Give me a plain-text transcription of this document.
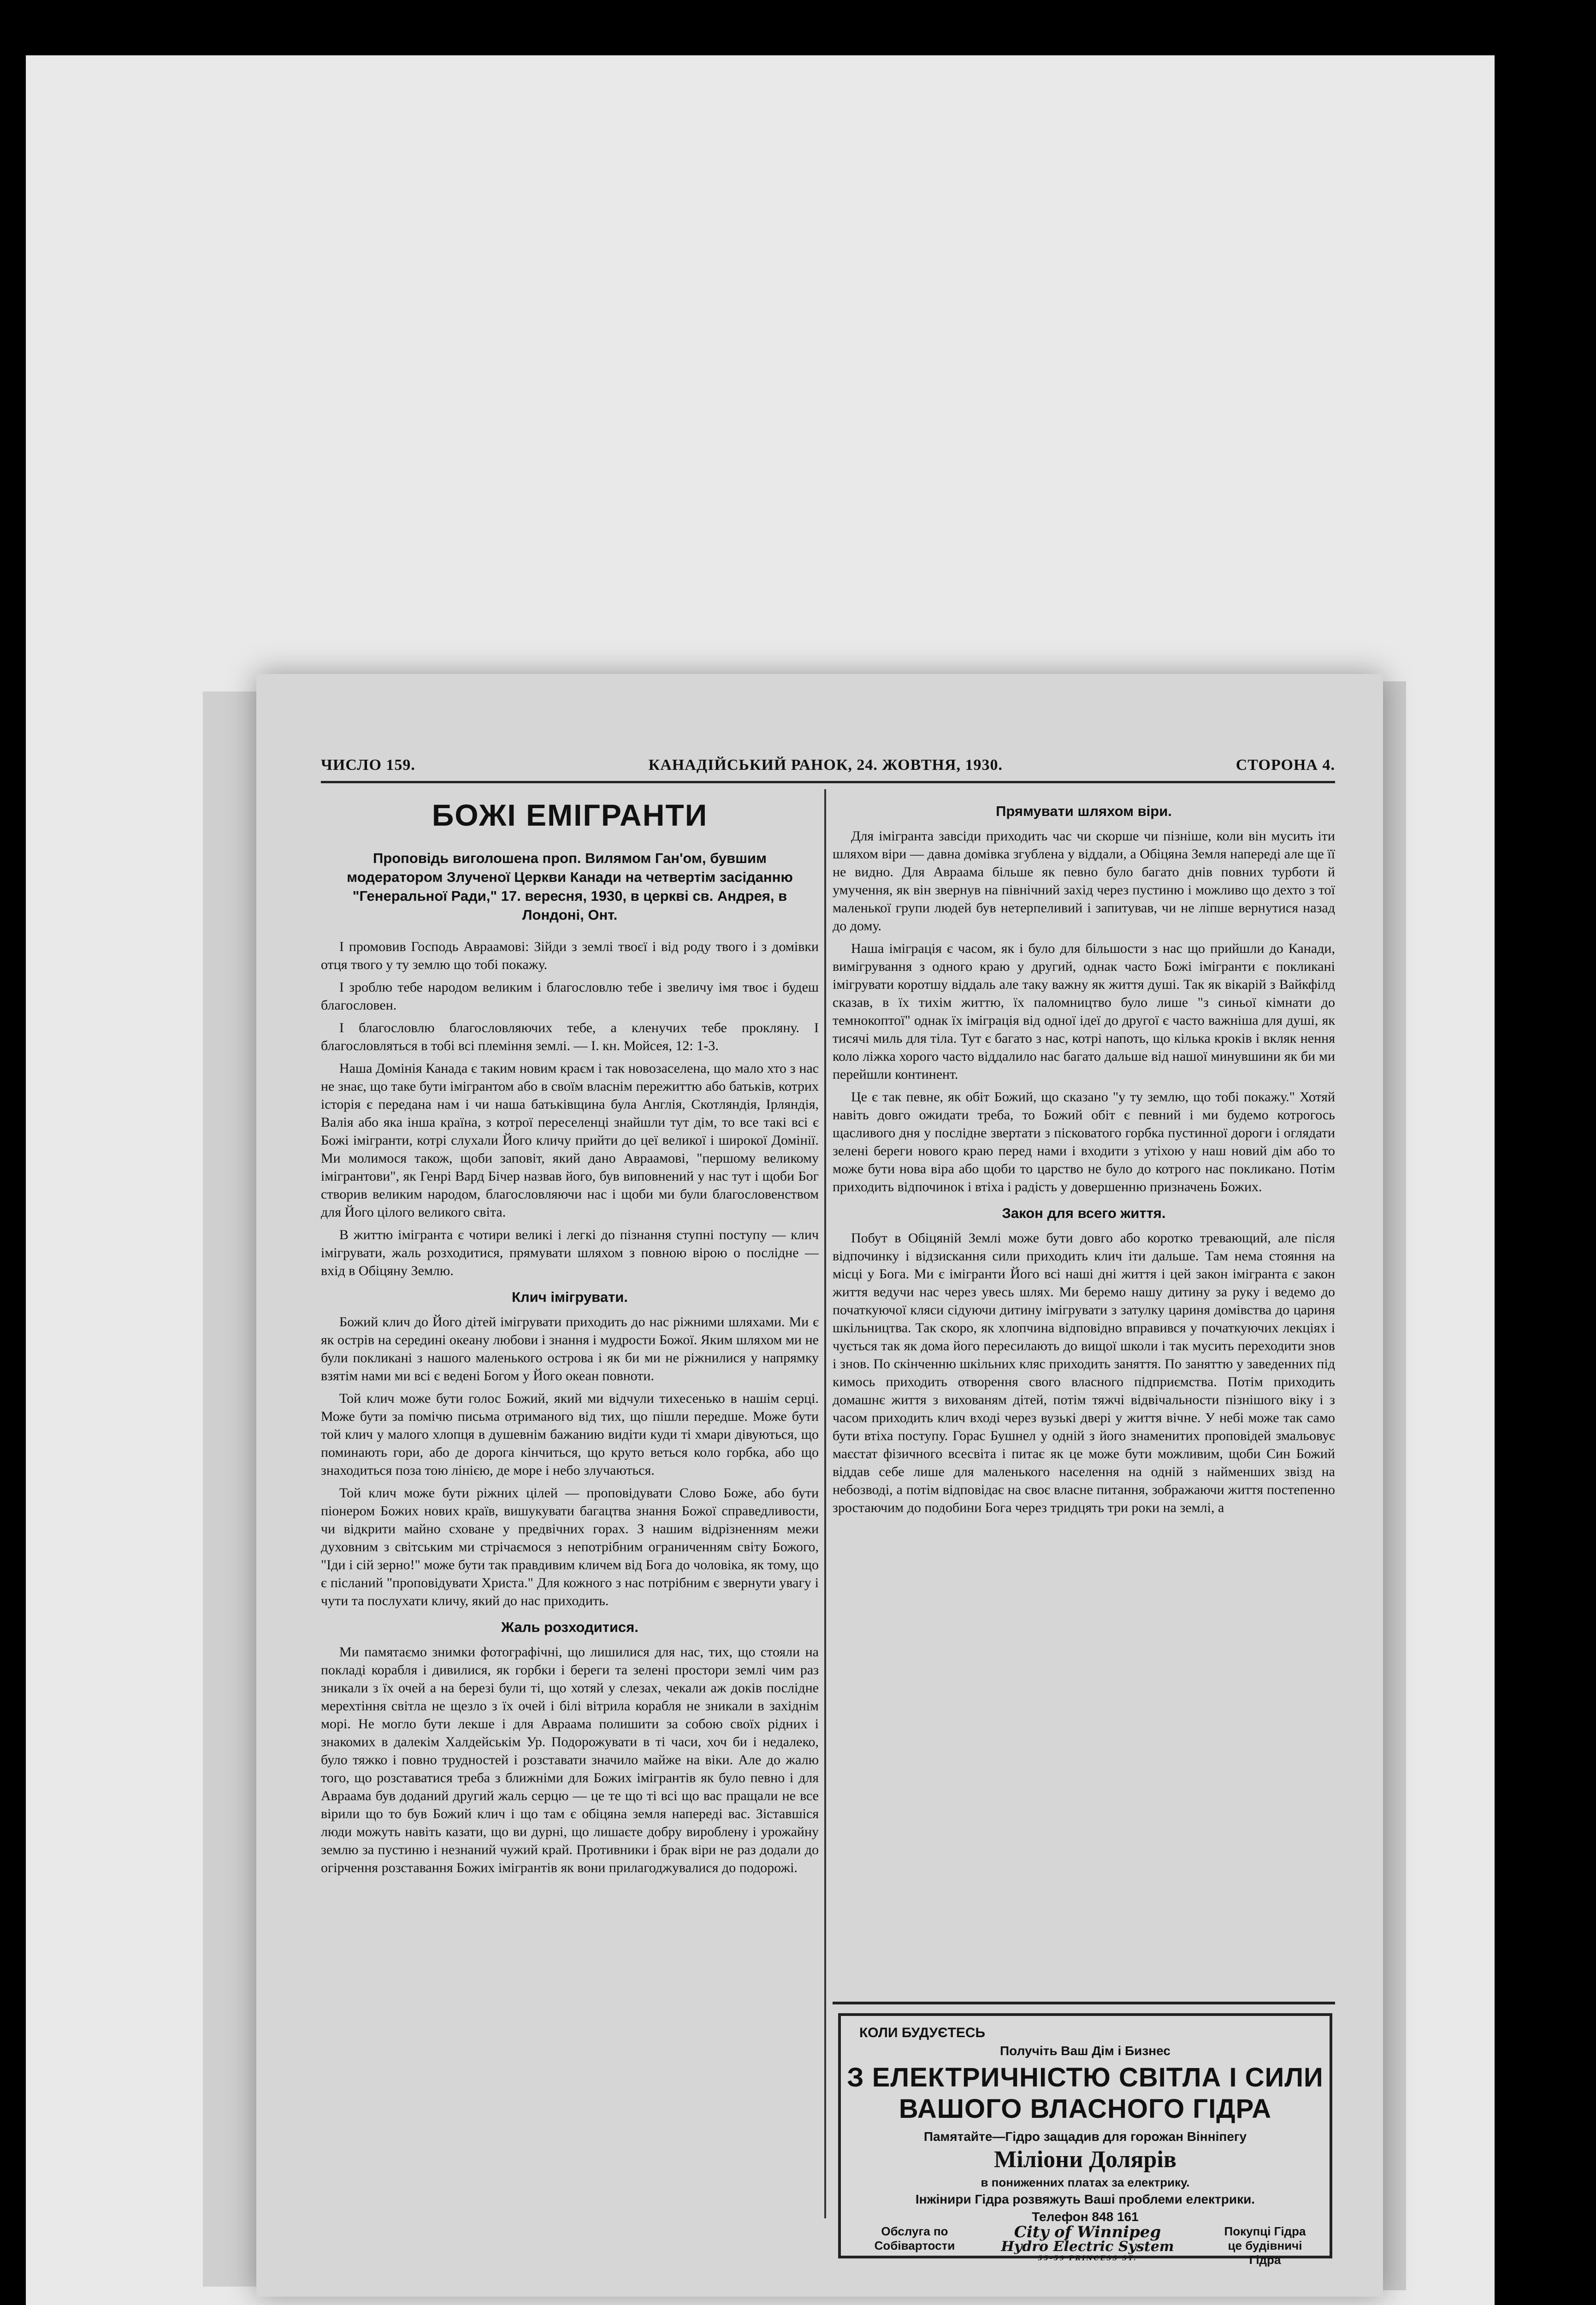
ЧИСЛО 159.	КАНАДІЙСЬКИЙ РАНОК, 24. ЖОВТНЯ, 1930.	СТОРОНА 4.
БОЖІ ЕМІГРАНТИ
Проповідь виголошена проп. Вилямом Ган'ом, бувшим модератором Злученої Церкви Канади на четвертім засіданню "Генеральної Ради," 17. вересня, 1930, в церкві св. Андрея, в Лондоні, Онт.

І промовив Господь Авраамові: Зійди з землі твоєї і від роду твого і з домівки отця твого у ту землю що тобі покажу.

І зроблю тебе народом великим і благословлю тебе і звеличу імя твоє і будеш благословен.

І благословлю благословляючих тебе, а кленучих тебе прокляну. І благословляться в тобі всі племіння землі. — І. кн. Мойсея, 12: 1-3.

Наша Домінія Канада є таким новим краєм і так новозаселена, що мало хто з нас не знає, що таке бути імігрантом або в своїм власнім пережиттю або батьків, котрих історія є передана нам і чи наша батьківщина була Англія, Скотляндія, Ірляндія, Валія або яка інша країна, з котрої переселенці знайшли тут дім, то все такі всі є Божі імігранти, котрі слухали Його кличу прийти до цеї великої і широкої Домінії. Ми молимося також, щоби заповіт, який дано Авраамові, "першому великому імігрантови", як Генрі Вард Бічер назвав його, був виповнений у нас тут і щоби Бог створив великим народом, благословляючи нас і щоби ми були благословенством для Його цілого великого світа.

В життю імігранта є чотири великі і легкі до пізнання ступні поступу — клич імігрувати, жаль розходитися, прямувати шляхом з повною вірою о послідне — вхід в Обіцяну Землю.

Клич імігрувати.

Божий клич до Його дітей імігрувати приходить до нас ріжними шляхами. Ми є як острів на середині океану любови і знання і мудрости Божої. Яким шляхом ми не були покликані з нашого маленького острова і як би ми не ріжнилися у напрямку взятім нами ми всі є ведені Богом у Його океан повноти.

Той клич може бути голос Божий, який ми відчули тихесенько в нашім серці. Може бути за помічю письма отриманого від тих, що пішли передше. Може бути той клич у малого хлопця в душевнім бажанию видіти куди ті хмари дівуються, що поминають гори, або де дорога кінчиться, що круто веться коло горбка, або що знаходиться поза тою лінією, де море і небо злучаються.

Той клич може бути ріжних цілей — проповідувати Слово Боже, або бути піонером Божих нових країв, вишукувати багацтва знання Божої справедливости, чи відкрити майно сховане у предвічних горах. З нашим відрізненням межи духовним з світським ми стрічаємося з непотрібним ограниченням світу Божого, "Іди і сій зерно!" може бути так правдивим кличем від Бога до чоловіка, як тому, що є післаний "проповідувати Христа." Для кожного з нас потрібним є звернути увагу і чути та послухати кличу, який до нас приходить.

Жаль розходитися.

Ми памятаємо знимки фотографічні, що лишилися для нас, тих, що стояли на покладі корабля і дивилися, як горбки і береги та зелені простори землі чим раз зникали з їх очей а на березі були ті, що хотяй у слезах, чекали аж доків послідне мерехтіння світла не щезло з їх очей і білі вітрила корабля не зникали в західнім морі. Не могло бути лекше і для Авраама полишити за собою своїх рідних і знакомих в далекім Халдейськім Ур. Подорожувати в ті часи, хоч би і недалеко, було тяжко і повно трудностей і розставати значило майже на віки. Але до жалю того, що розставатися треба з ближніми для Божих імігрантів як було певно і для Авраама був доданий другий жаль серцю — це те що ті всі що вас пращали не все вірили що то був Божий клич і що там є обіцяна земля напереді вас. Зіставшіся люди можуть навіть казати, що ви дурні, що лишаєте добру вироблену і урожайну землю за пустиню і незнаний чужий край. Противники і брак віри не раз додали до огірчення розставання Божих імігрантів як вони прилагоджувалися до подорожі.

Прямувати шляхом віри.

Для імігранта завсіди приходить час чи скорше чи пізніше, коли він мусить іти шляхом віри — давна домівка згублена у віддали, а Обіцяна Земля напереді але ще її не видно. Для Авраама більше як певно було багато днів повних турботи й умучення, як він звернув на північний захід через пустиню і можливо що дехто з тої маленької групи людей був нетерпеливий і запитував, чи не лiпше вернутися назад до дому.

Наша імігрaція є часом, як і було для більшости з нас що прийшли до Канади, вимігрування з одного краю у другий, однак часто Божі імігранти є покликані імігрувати коротшу віддаль але таку важну як життя душі. Так як вікарій з Вайкфілд сказав, в їх тихім життю, їх паломництво було лише "з синьої кімнати до темнокоптої" однак їх імігрaція від одної ідеї до другої є часто важніша для душі, як тисячі миль для тіла. Тут є багато з нас, котрі напоть, що кілька кроків і вкляк нення коло ліжка хорого часто віддалило нас багато дальше від нашої минувшини як би ми перейшли континент.

Це є так певне, як обіт Божий, що сказано "у ту землю, що тобі покажу." Хотяй навіть довго ожидати треба, то Божий обіт є певний і ми будемо котрогось щасливого дня у послідне звертати з пісковатого горбка пустинної дороги і оглядати зелені береги нового краю перед нами і входити з утіхою у наш новий дім або то може бути нова віра або щоби то царство не було до котрого нас покликано. Потім приходить відпочинок і втіха і радість у довершенню призначень Божих.

Закон для всего життя.

Побут в Обіцяній Землі може бути довго або коротко тревающий, але після відпочинку і відзискання сили приходить клич іти дальше. Там нема стояння на місці у Бога. Ми є імігранти Його всі наші дні життя і цей закон імігранта є закон життя ведучи нас через увесь шлях. Ми беремо нашу дитину за руку і ведемо до початкуючої кляси сідуючи дитину імігрувати з затулку цариня домівства до цариня шкільництва. Так скоро, як хлопчина відповідно вправився у початкуючих лекціях і чується так як дома його пересилають до вищої школи і так мусить переходити знов і знов. По скінченню шкільних кляс приходить заняття. По заняттю у заведенних під кимось приходить отворення свого власного підприємства. Потім приходить домашнє життя з вихованям дітей, потім тяжчі відвічальности пізнішого віку і з часом приходить клич вході через вузькі двері у життя вічне. У небі може так само бути втіха поступу. Горас Бушнел у одній з його знаменитих проповідей змальовує маєстат фізичного всесвіта і питає як це може бути можливим, щоби Син Божий віддав себе лише для маленького населення на одній з найменших звізд на небозводі, а потім відповідає на своє власне питання, зображаючи життя постепенно зростаючим до подобини Бога через тридцять три роки на землі, а

КОЛИ БУДУЄТЕСЬ
Получіть Ваш Дім і Бизнес
З ЕЛЕКТРИЧНІСТЮ СВІТЛА І СИЛИ
ВАШОГО ВЛАСНОГО ГІДРА
Памятайте—Гідро защадив для горожан Вінніпегу
Міліони Долярів
в пониженних платах за електрику.
Інжінири Гідра розвяжуть Ваші проблеми електрики.
Телефон 848 161
Обслуга по Собівартости
City of Winnipeg
Hydro Electric System
55-59 PRINCESS ST.
Покупці Гідра це будівничі Гідра
